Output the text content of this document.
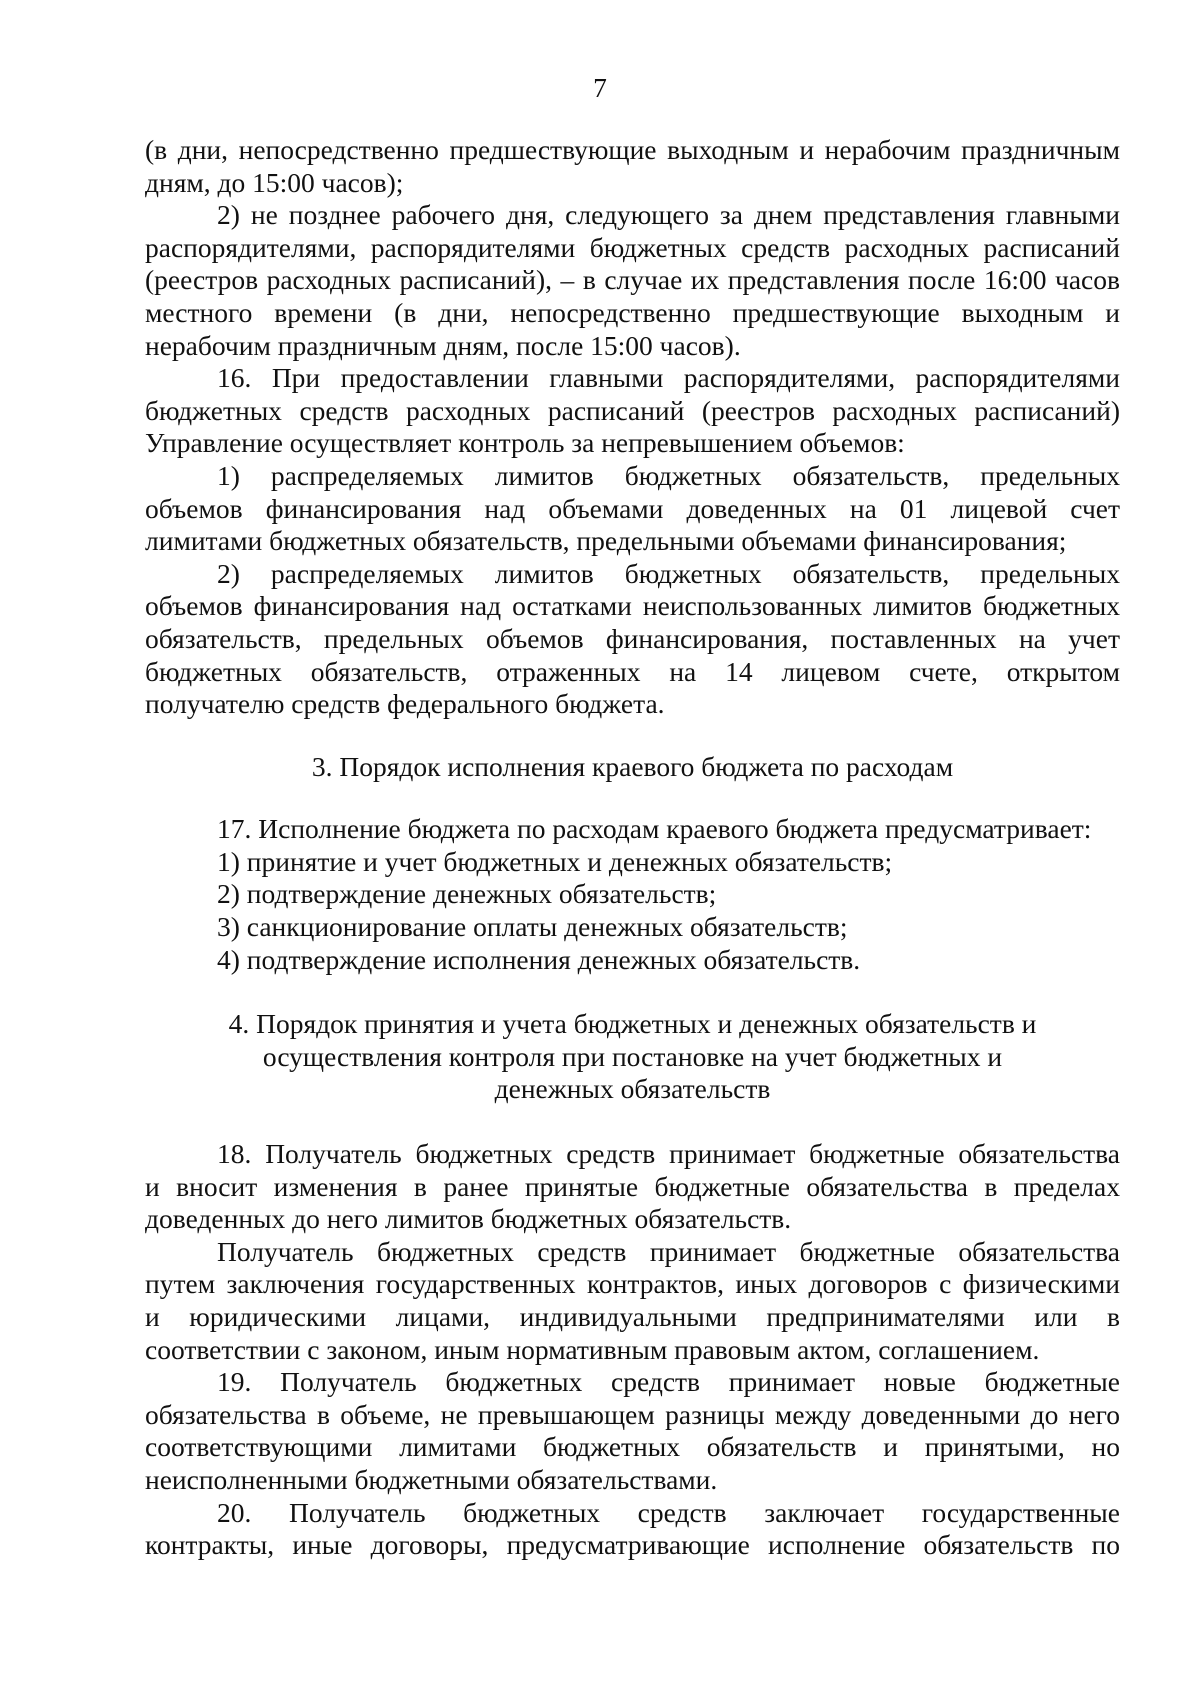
7
(в дни, непосредственно предшествующие выходным и нерабочим праздничным
дням, до 15:00 часов);
2) не позднее рабочего дня, следующего за днем представления главными
распорядителями, распорядителями бюджетных средств расходных расписаний
(реестров расходных расписаний), – в случае их представления после 16:00 часов
местного времени (в дни, непосредственно предшествующие выходным и
нерабочим праздничным дням, после 15:00 часов).
16. При предоставлении главными распорядителями, распорядителями
бюджетных средств расходных расписаний (реестров расходных расписаний)
Управление осуществляет контроль за непревышением объемов:
1) распределяемых лимитов бюджетных обязательств, предельных
объемов финансирования над объемами доведенных на 01 лицевой счет
лимитами бюджетных обязательств, предельными объемами финансирования;
2) распределяемых лимитов бюджетных обязательств, предельных
объемов финансирования над остатками неиспользованных лимитов бюджетных
обязательств, предельных объемов финансирования, поставленных на учет
бюджетных обязательств, отраженных на 14 лицевом счете, открытом
получателю средств федерального бюджета.
3. Порядок исполнения краевого бюджета по расходам
17. Исполнение бюджета по расходам краевого бюджета предусматривает:
1) принятие и учет бюджетных и денежных обязательств;
2) подтверждение денежных обязательств;
3) санкционирование оплаты денежных обязательств;
4) подтверждение исполнения денежных обязательств.
4. Порядок принятия и учета бюджетных и денежных обязательств и
осуществления контроля при постановке на учет бюджетных и
денежных обязательств
18. Получатель бюджетных средств принимает бюджетные обязательства
и вносит изменения в ранее принятые бюджетные обязательства в пределах
доведенных до него лимитов бюджетных обязательств.
Получатель бюджетных средств принимает бюджетные обязательства
путем заключения государственных контрактов, иных договоров с физическими
и юридическими лицами, индивидуальными предпринимателями или в
соответствии с законом, иным нормативным правовым актом, соглашением.
19. Получатель бюджетных средств принимает новые бюджетные
обязательства в объеме, не превышающем разницы между доведенными до него
соответствующими лимитами бюджетных обязательств и принятыми, но
неисполненными бюджетными обязательствами.
20. Получатель бюджетных средств заключает государственные
контракты, иные договоры, предусматривающие исполнение обязательств по
